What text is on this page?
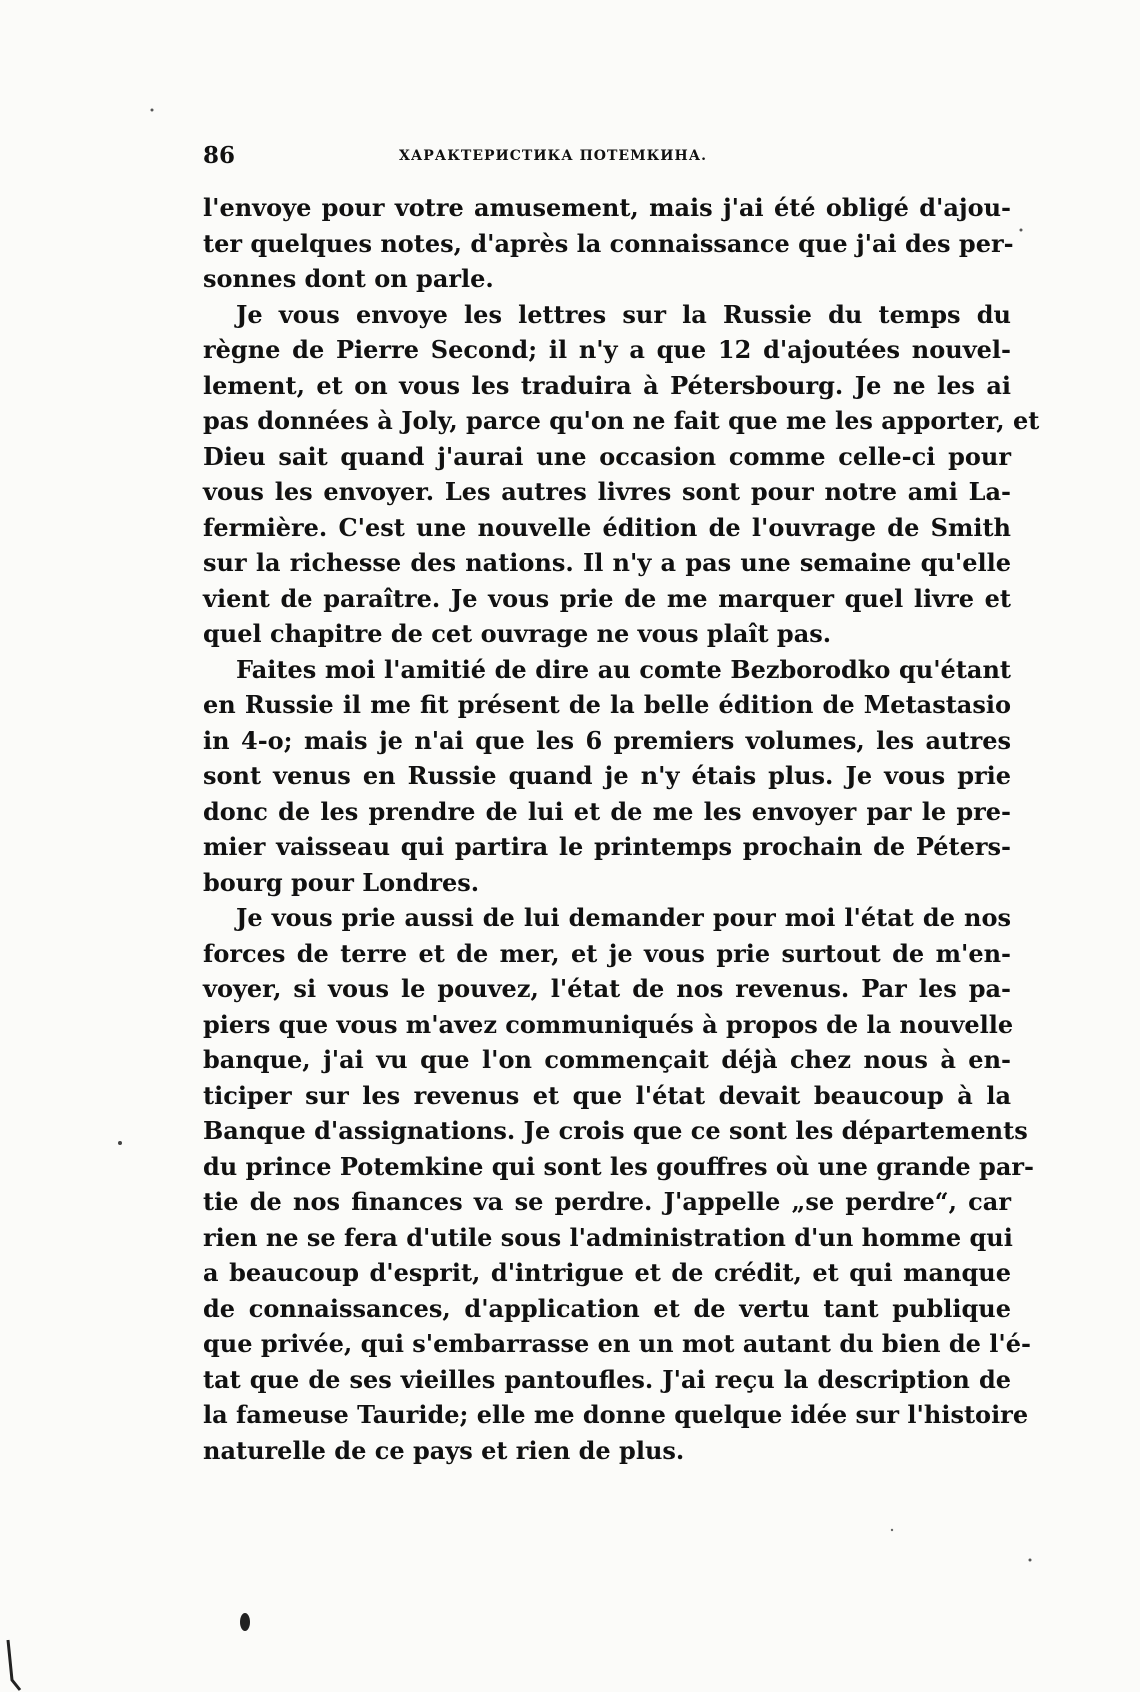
86	ХАРАКТЕРИСТИКА ПОТЕМКИНА.
l'envoye pour votre amusement, mais j'ai été obligé d'ajou-
ter quelques notes, d'après la connaissance que j'ai des per-
sonnes dont on parle.
Je vous envoye les lettres sur la Russie du temps du
règne de Pierre Second; il n'y a que 12 d'ajoutées nouvel-
lement, et on vous les traduira à Pétersbourg. Je ne les ai
pas données à Joly, parce qu'on ne fait que me les apporter, et
Dieu sait quand j'aurai une occasion comme celle-ci pour
vous les envoyer. Les autres livres sont pour notre ami La-
fermière. C'est une nouvelle édition de l'ouvrage de Smith
sur la richesse des nations. Il n'y a pas une semaine qu'elle
vient de paraître. Je vous prie de me marquer quel livre et
quel chapitre de cet ouvrage ne vous plaît pas.
Faites moi l'amitié de dire au comte Bezborodko qu'étant
en Russie il me fit présent de la belle édition de Metastasio
in 4-o; mais je n'ai que les 6 premiers volumes, les autres
sont venus en Russie quand je n'y étais plus. Je vous prie
donc de les prendre de lui et de me les envoyer par le pre-
mier vaisseau qui partira le printemps prochain de Péters-
bourg pour Londres.
Je vous prie aussi de lui demander pour moi l'état de nos
forces de terre et de mer, et je vous prie surtout de m'en-
voyer, si vous le pouvez, l'état de nos revenus. Par les pa-
piers que vous m'avez communiqués à propos de la nouvelle
banque, j'ai vu que l'on commençait déjà chez nous à en-
ticiper sur les revenus et que l'état devait beaucoup à la
Banque d'assignations. Je crois que ce sont les départements
du prince Potemkine qui sont les gouffres où une grande par-
tie de nos finances va se perdre. J'appelle „se perdre“, car
rien ne se fera d'utile sous l'administration d'un homme qui
a beaucoup d'esprit, d'intrigue et de crédit, et qui manque
de connaissances, d'application et de vertu tant publique
que privée, qui s'embarrasse en un mot autant du bien de l'é-
tat que de ses vieilles pantoufles. J'ai reçu la description de
la fameuse Tauride; elle me donne quelque idée sur l'histoire
naturelle de ce pays et rien de plus.
